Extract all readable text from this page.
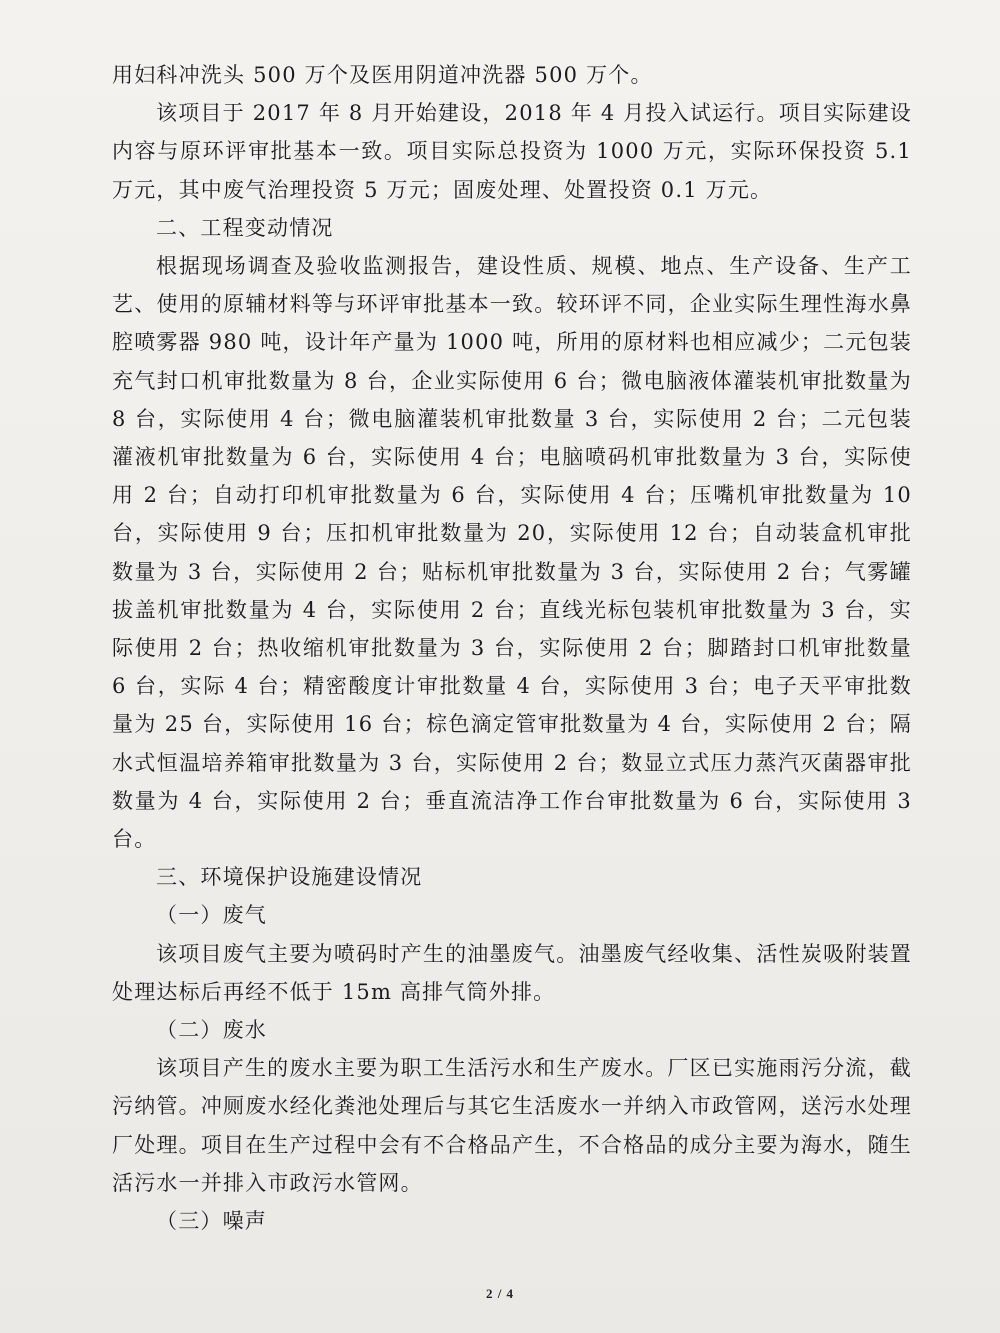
用妇科冲洗头 500 万个及医用阴道冲洗器 500 万个。

该项目于 2017 年 8 月开始建设，2018 年 4 月投入试运行。项目实际建设内容与原环评审批基本一致。项目实际总投资为 1000 万元，实际环保投资 5.1 万元，其中废气治理投资 5 万元；固废处理、处置投资 0.1 万元。

二、工程变动情况

根据现场调查及验收监测报告，建设性质、规模、地点、生产设备、生产工艺、使用的原辅材料等与环评审批基本一致。较环评不同，企业实际生理性海水鼻腔喷雾器 980 吨，设计年产量为 1000 吨，所用的原材料也相应减少；二元包装充气封口机审批数量为 8 台，企业实际使用 6 台；微电脑液体灌装机审批数量为 8 台，实际使用 4 台；微电脑灌装机审批数量 3 台，实际使用 2 台；二元包装灌液机审批数量为 6 台，实际使用 4 台；电脑喷码机审批数量为 3 台，实际使用 2 台；自动打印机审批数量为 6 台，实际使用 4 台；压嘴机审批数量为 10 台，实际使用 9 台；压扣机审批数量为 20，实际使用 12 台；自动装盒机审批数量为 3 台，实际使用 2 台；贴标机审批数量为 3 台，实际使用 2 台；气雾罐拔盖机审批数量为 4 台，实际使用 2 台；直线光标包装机审批数量为 3 台，实际使用 2 台；热收缩机审批数量为 3 台，实际使用 2 台；脚踏封口机审批数量 6 台，实际 4 台；精密酸度计审批数量 4 台，实际使用 3 台；电子天平审批数量为 25 台，实际使用 16 台；棕色滴定管审批数量为 4 台，实际使用 2 台；隔水式恒温培养箱审批数量为 3 台，实际使用 2 台；数显立式压力蒸汽灭菌器审批数量为 4 台，实际使用 2 台；垂直流洁净工作台审批数量为 6 台，实际使用 3 台。

三、环境保护设施建设情况

（一）废气

该项目废气主要为喷码时产生的油墨废气。油墨废气经收集、活性炭吸附装置处理达标后再经不低于 15m 高排气筒外排。

（二）废水

该项目产生的废水主要为职工生活污水和生产废水。厂区已实施雨污分流，截污纳管。冲厕废水经化粪池处理后与其它生活废水一并纳入市政管网，送污水处理厂处理。项目在生产过程中会有不合格品产生，不合格品的成分主要为海水，随生活污水一并排入市政污水管网。

（三）噪声

2 / 4
